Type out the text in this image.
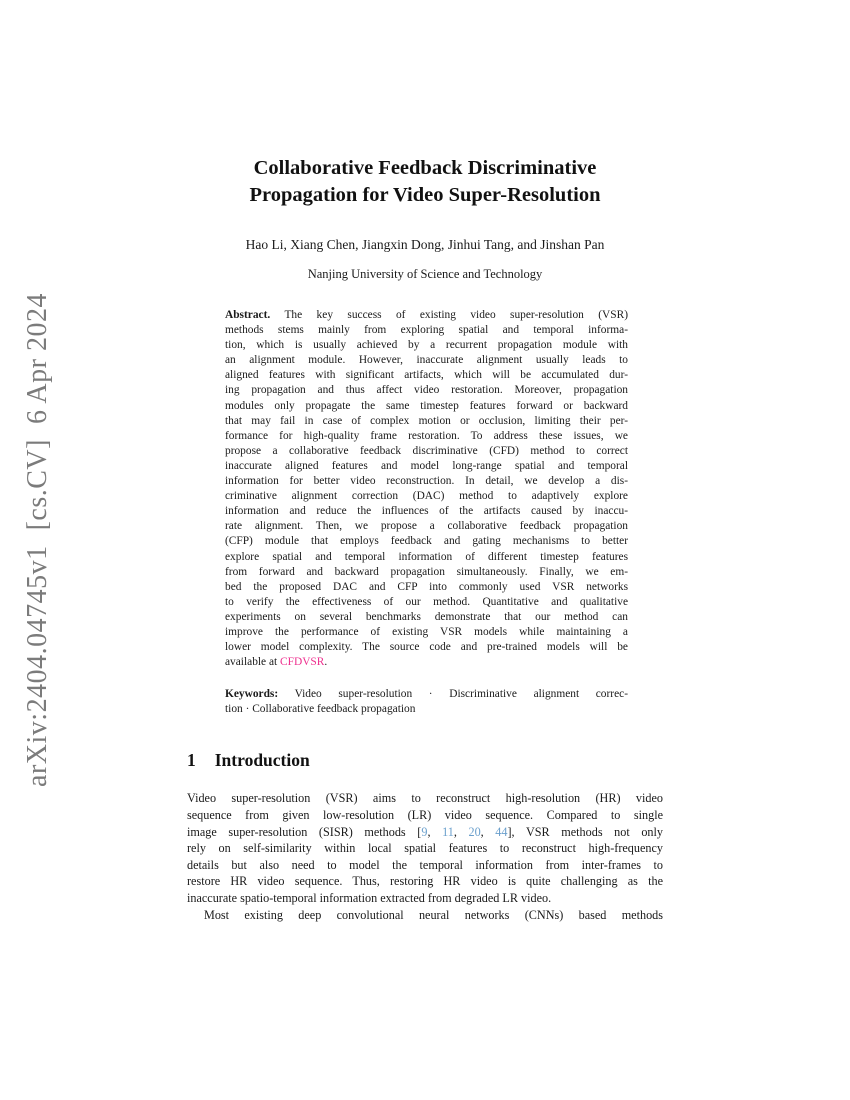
arXiv:2404.04745v1  [cs.CV]  6 Apr 2024
Collaborative Feedback Discriminative
Propagation for Video Super-Resolution
Hao Li, Xiang Chen, Jiangxin Dong, Jinhui Tang, and Jinshan Pan
Nanjing University of Science and Technology
Abstract. The key success of existing video super-resolution (VSR)
methods stems mainly from exploring spatial and temporal informa-
tion, which is usually achieved by a recurrent propagation module with
an alignment module. However, inaccurate alignment usually leads to
aligned features with significant artifacts, which will be accumulated dur-
ing propagation and thus affect video restoration. Moreover, propagation
modules only propagate the same timestep features forward or backward
that may fail in case of complex motion or occlusion, limiting their per-
formance for high-quality frame restoration. To address these issues, we
propose a collaborative feedback discriminative (CFD) method to correct
inaccurate aligned features and model long-range spatial and temporal
information for better video reconstruction. In detail, we develop a dis-
criminative alignment correction (DAC) method to adaptively explore
information and reduce the influences of the artifacts caused by inaccu-
rate alignment. Then, we propose a collaborative feedback propagation
(CFP) module that employs feedback and gating mechanisms to better
explore spatial and temporal information of different timestep features
from forward and backward propagation simultaneously. Finally, we em-
bed the proposed DAC and CFP into commonly used VSR networks
to verify the effectiveness of our method. Quantitative and qualitative
experiments on several benchmarks demonstrate that our method can
improve the performance of existing VSR models while maintaining a
lower model complexity. The source code and pre-trained models will be
available at CFDVSR.
Keywords: Video super-resolution · Discriminative alignment correc-
tion · Collaborative feedback propagation
1 Introduction
Video super-resolution (VSR) aims to reconstruct high-resolution (HR) video
sequence from given low-resolution (LR) video sequence. Compared to single
image super-resolution (SISR) methods [9, 11, 20, 44], VSR methods not only
rely on self-similarity within local spatial features to reconstruct high-frequency
details but also need to model the temporal information from inter-frames to
restore HR video sequence. Thus, restoring HR video is quite challenging as the
inaccurate spatio-temporal information extracted from degraded LR video.
Most existing deep convolutional neural networks (CNNs) based methods
